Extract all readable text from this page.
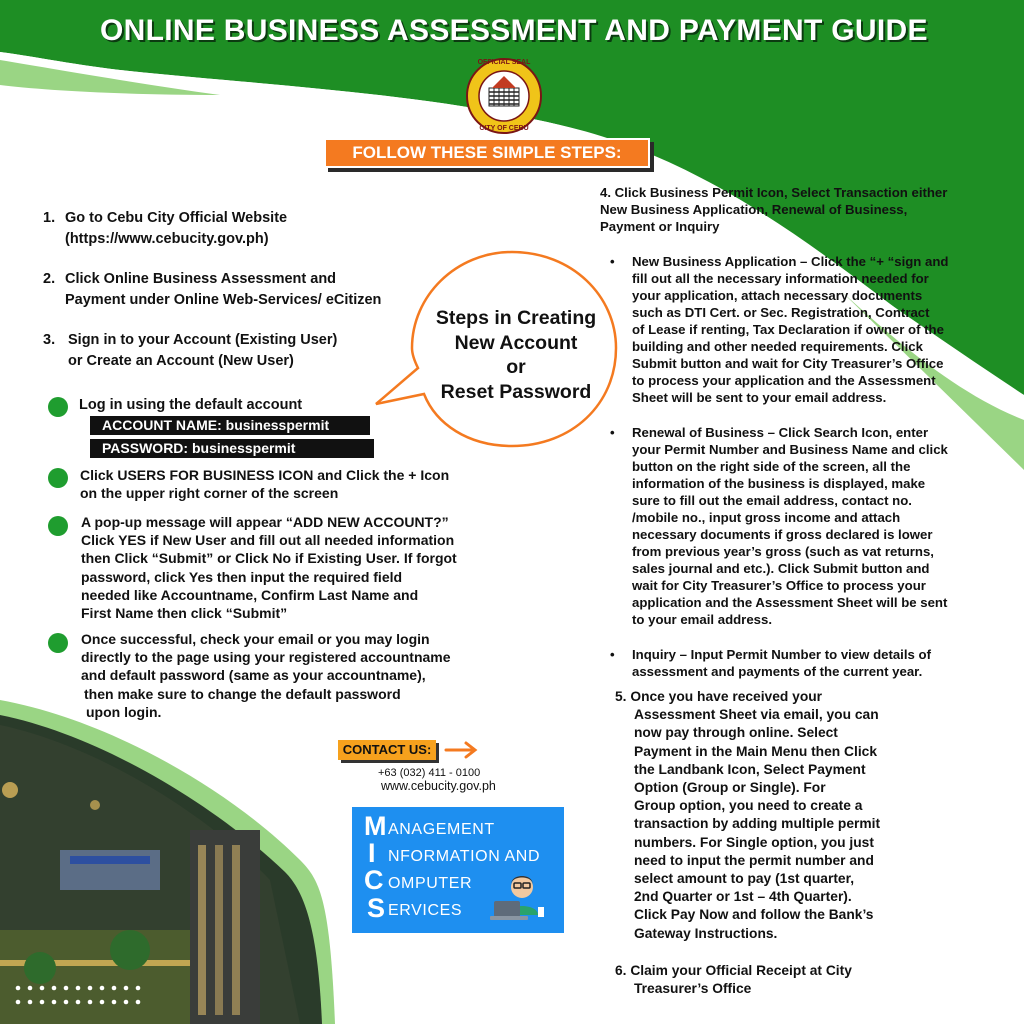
ONLINE BUSINESS ASSESSMENT AND PAYMENT GUIDE
OFFICIAL SEAL
CITY OF CEBU
FOLLOW THESE SIMPLE STEPS:
1. Go to Cebu City Official Website
(https://www.cebucity.gov.ph)
2. Click Online Business Assessment and
Payment under Online Web-Services/ eCitizen
3. Sign in to your Account (Existing User)
or Create an Account (New User)
Steps in Creating
New Account
or
Reset Password
Log in using the default account
ACCOUNT NAME: businesspermit
PASSWORD: businesspermit
Click USERS FOR BUSINESS ICON and Click the + Icon
on the upper right corner of the screen
A pop-up message will appear “ADD NEW ACCOUNT?”
Click YES if New User and fill out all needed information
then Click “Submit” or Click No if Existing User. If forgot
password, click Yes then input the required field
needed like Accountname, Confirm Last Name and
First Name then click “Submit”
Once successful, check your email or you may login
directly to the page using your registered accountname
and default password (same as your accountname),
then make sure to change the default password
upon login.
4. Click Business Permit Icon, Select Transaction either
New Business Application, Renewal of Business,
Payment or Inquiry
• New Business Application – Click the “+ “sign and
fill out all the necessary information needed for
your application, attach necessary documents
such as DTI Cert. or Sec. Registration, Contract
of Lease if renting, Tax Declaration if owner of the
building and other needed requirements. Click
Submit button and wait for City Treasurer’s Office
to process your application and the Assessment
Sheet will be sent to your email address.
• Renewal of Business – Click Search Icon, enter
your Permit Number and Business Name and click
button on the right side of the screen, all the
information of the business is displayed, make
sure to fill out the email address, contact no.
/mobile no., input gross income and attach
necessary documents if gross declared is lower
from previous year’s gross (such as vat returns,
sales journal and etc.). Click Submit button and
wait for City Treasurer’s Office to process your
application and the Assessment Sheet will be sent
to your email address.
• Inquiry – Input Permit Number to view details of
assessment and payments of the current year.
5. Once you have received your
Assessment Sheet via email, you can
now pay through online. Select
Payment in the Main Menu then Click
the Landbank Icon, Select Payment
Option (Group or Single). For
Group option, you need to create a
transaction by adding multiple permit
numbers. For Single option, you just
need to input the permit number and
select amount to pay (1st quarter,
2nd Quarter or 1st – 4th Quarter).
Click Pay Now and follow the Bank’s
Gateway Instructions.
6. Claim your Official Receipt at City
Treasurer’s Office
CONTACT US:
+63 (032) 411 - 0100
www.cebucity.gov.ph
M ANAGEMENT
I NFORMATION AND
C OMPUTER
S ERVICES
